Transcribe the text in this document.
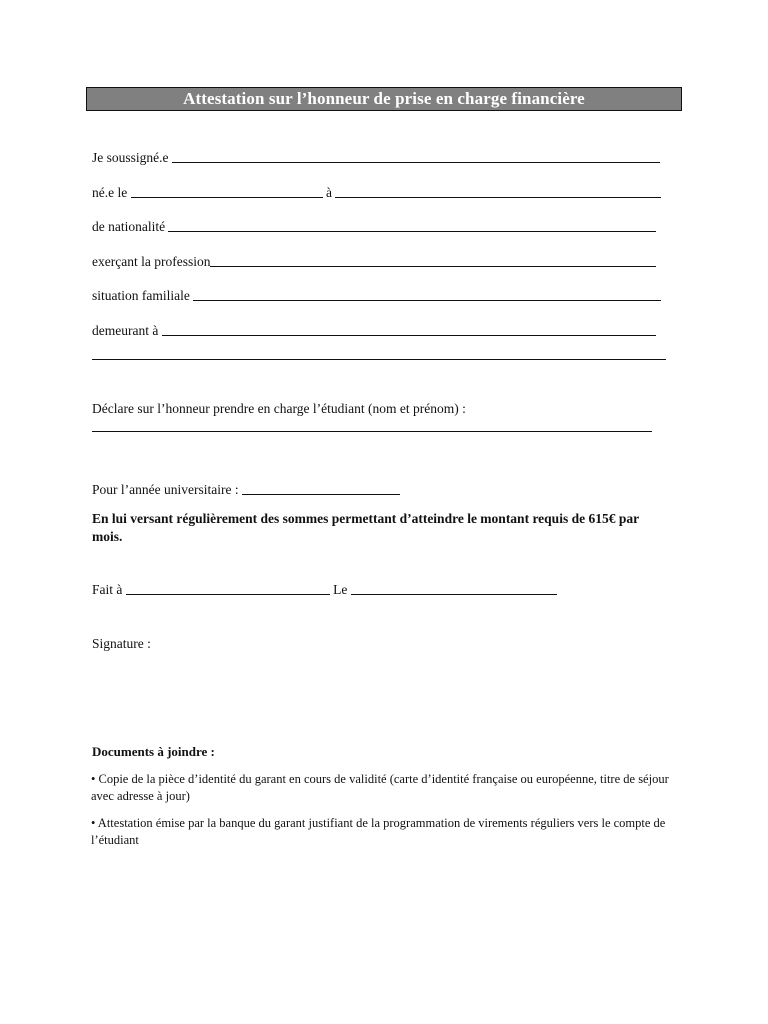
Attestation sur l’honneur de prise en charge financière
Je soussigné.e
né.e le	à
de nationalité
exerçant la profession
situation familiale
demeurant à
Déclare sur l’honneur prendre en charge l’étudiant (nom et prénom) :
Pour l’année universitaire :
En lui versant régulièrement des sommes permettant d’atteindre le montant requis de 615€ par mois.
Fait à	Le
Signature :
Documents à joindre :
• Copie de la pièce d’identité du garant en cours de validité (carte d’identité française ou européenne, titre de séjour avec adresse à jour)
• Attestation émise par la banque du garant justifiant de la programmation de virements réguliers vers le compte de l’étudiant
